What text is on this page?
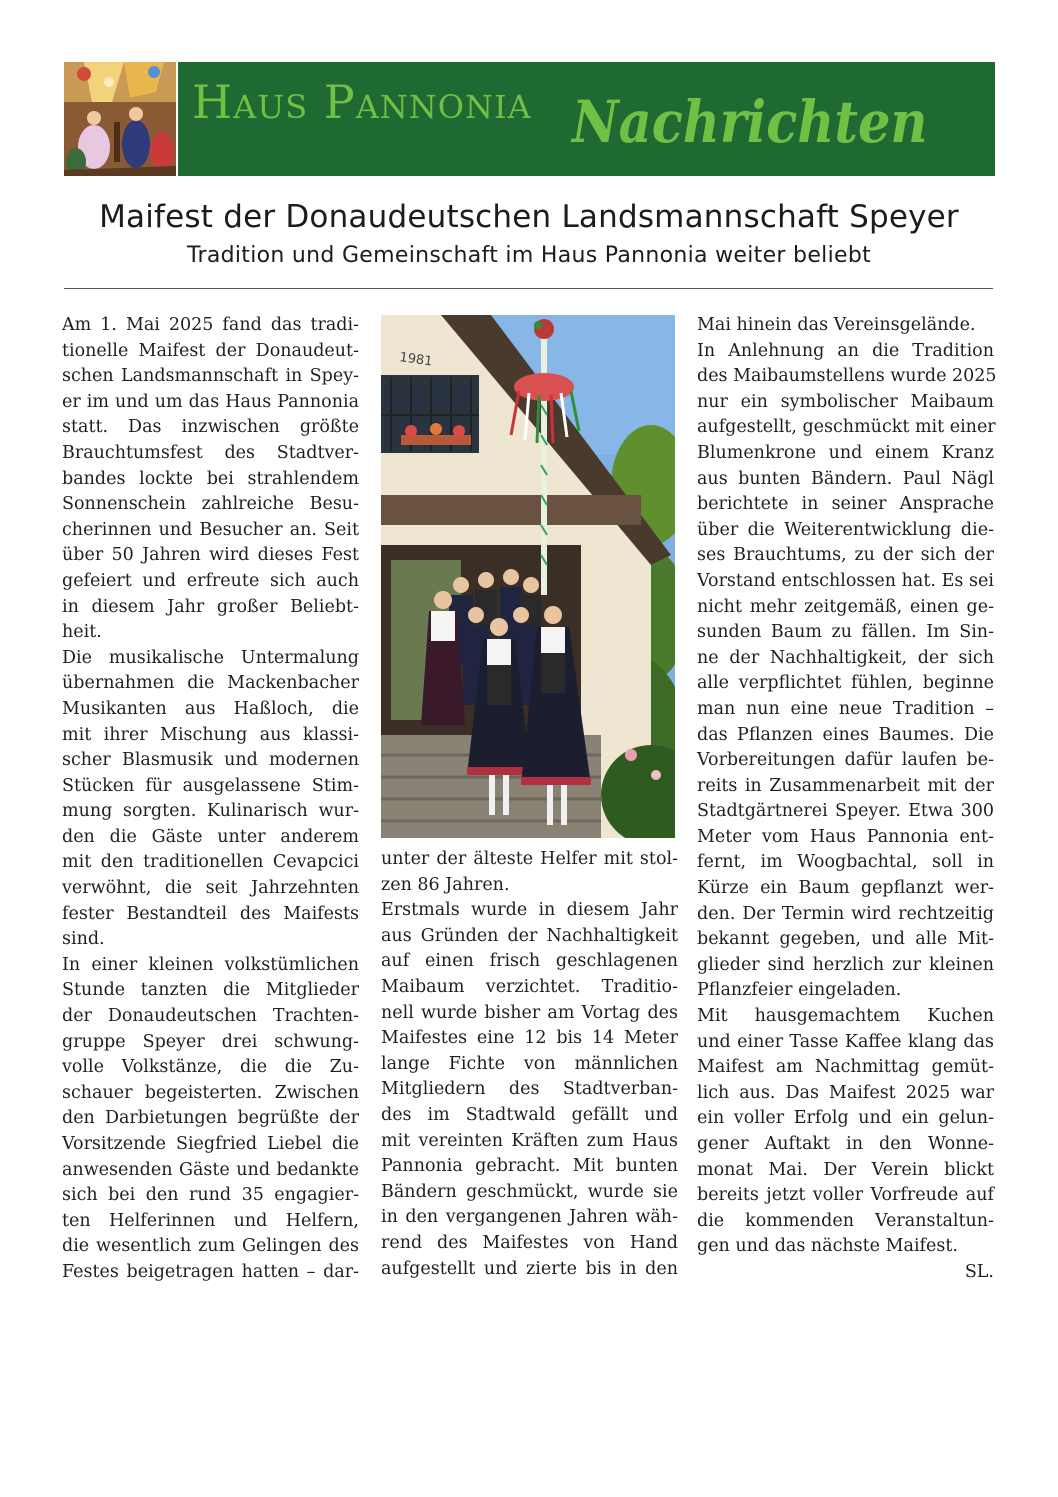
Haus Pannonia Nachrichten
Maifest der Donaudeutschen Landsmannschaft Speyer
Tradition und Gemeinschaft im Haus Pannonia weiter beliebt
Am 1. Mai 2025 fand das tradi-
tionelle Maifest der Donaudeut-
schen Landsmannschaft in Spey-
er im und um das Haus Pannonia
statt. Das inzwischen größte
Brauchtumsfest des Stadtver-
bandes lockte bei strahlendem
Sonnenschein zahlreiche Besu-
cherinnen und Besucher an. Seit
über 50 Jahren wird dieses Fest
gefeiert und erfreute sich auch
in diesem Jahr großer Beliebt-
heit.
Die musikalische Untermalung
übernahmen die Mackenbacher
Musikanten aus Haßloch, die
mit ihrer Mischung aus klassi-
scher Blasmusik und modernen
Stücken für ausgelassene Stim-
mung sorgten. Kulinarisch wur-
den die Gäste unter anderem
mit den traditionellen Cevapcici
verwöhnt, die seit Jahrzehnten
fester Bestandteil des Maifests
sind.
In einer kleinen volkstümlichen
Stunde tanzten die Mitglieder
der Donaudeutschen Trachten-
gruppe Speyer drei schwung-
volle Volkstänze, die die Zu-
schauer begeisterten. Zwischen
den Darbietungen begrüßte der
Vorsitzende Siegfried Liebel die
anwesenden Gäste und bedankte
sich bei den rund 35 engagier-
ten Helferinnen und Helfern,
die wesentlich zum Gelingen des
Festes beigetragen hatten – dar-
1981
unter der älteste Helfer mit stol-
zen 86 Jahren.
Erstmals wurde in diesem Jahr
aus Gründen der Nachhaltigkeit
auf einen frisch geschlagenen
Maibaum verzichtet. Traditio-
nell wurde bisher am Vortag des
Maifestes eine 12 bis 14 Meter
lange Fichte von männlichen
Mitgliedern des Stadtverban-
des im Stadtwald gefällt und
mit vereinten Kräften zum Haus
Pannonia gebracht. Mit bunten
Bändern geschmückt, wurde sie
in den vergangenen Jahren wäh-
rend des Maifestes von Hand
aufgestellt und zierte bis in den
Mai hinein das Vereinsgelände.
In Anlehnung an die Tradition
des Maibaumstellens wurde 2025
nur ein symbolischer Maibaum
aufgestellt, geschmückt mit einer
Blumenkrone und einem Kranz
aus bunten Bändern. Paul Nägl
berichtete in seiner Ansprache
über die Weiterentwicklung die-
ses Brauchtums, zu der sich der
Vorstand entschlossen hat. Es sei
nicht mehr zeitgemäß, einen ge-
sunden Baum zu fällen. Im Sin-
ne der Nachhaltigkeit, der sich
alle verpflichtet fühlen, beginne
man nun eine neue Tradition –
das Pflanzen eines Baumes. Die
Vorbereitungen dafür laufen be-
reits in Zusammenarbeit mit der
Stadtgärtnerei Speyer. Etwa 300
Meter vom Haus Pannonia ent-
fernt, im Woogbachtal, soll in
Kürze ein Baum gepflanzt wer-
den. Der Termin wird rechtzeitig
bekannt gegeben, und alle Mit-
glieder sind herzlich zur kleinen
Pflanzfeier eingeladen.
Mit hausgemachtem Kuchen
und einer Tasse Kaffee klang das
Maifest am Nachmittag gemüt-
lich aus. Das Maifest 2025 war
ein voller Erfolg und ein gelun-
gener Auftakt in den Wonne-
monat Mai. Der Verein blickt
bereits jetzt voller Vorfreude auf
die kommenden Veranstaltun-
gen und das nächste Maifest.
SL.
